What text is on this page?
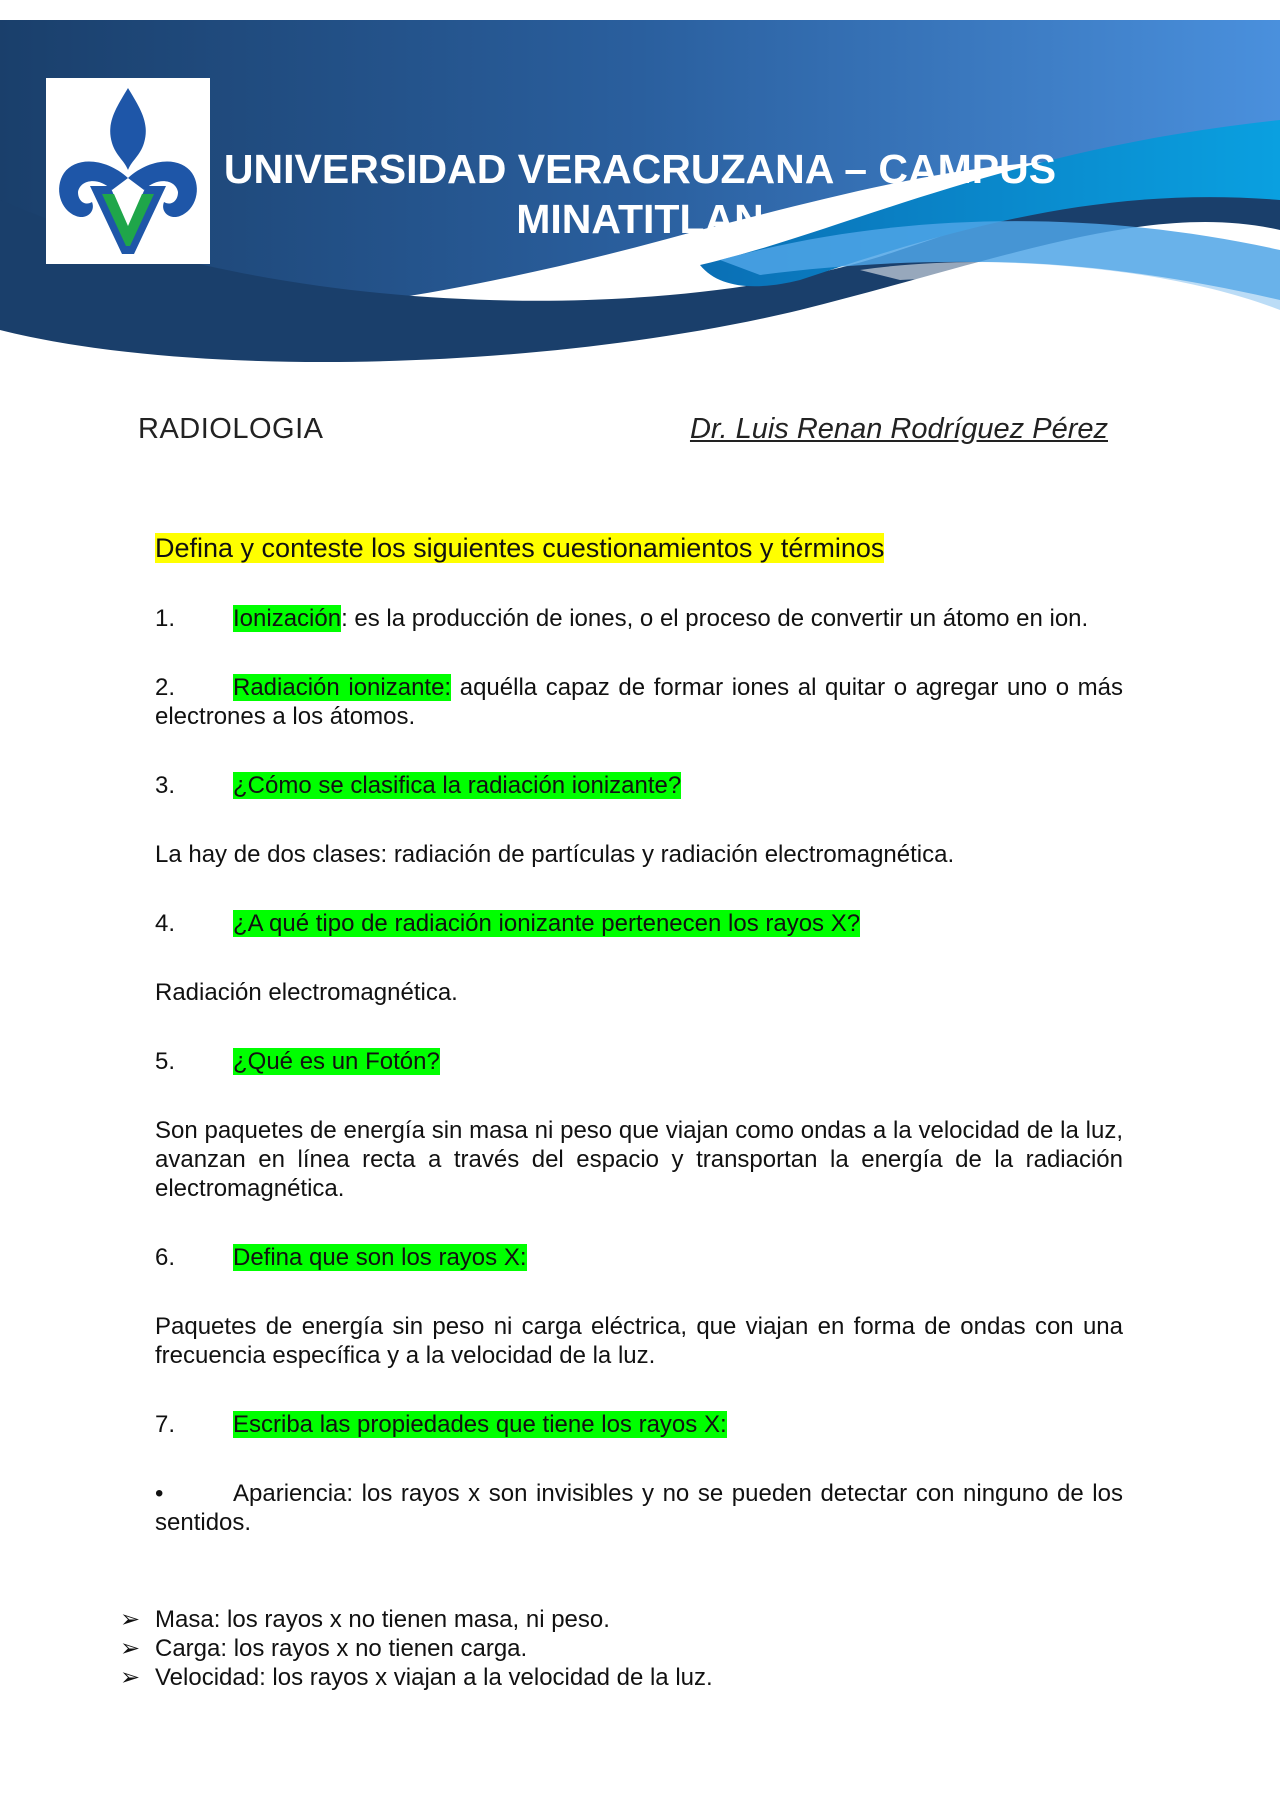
UNIVERSIDAD VERACRUZANA – CAMPUS
MINATITLAN
RADIOLOGIA	Dr. Luis Renan Rodríguez Pérez
Defina y conteste los siguientes cuestionamientos y términos

1. Ionización: es la producción de iones, o el proceso de convertir un átomo en ion.

2. Radiación ionizante: aquélla capaz de formar iones al quitar o agregar uno o más electrones a los átomos.

3. ¿Cómo se clasifica la radiación ionizante?

La hay de dos clases: radiación de partículas y radiación electromagnética.

4. ¿A qué tipo de radiación ionizante pertenecen los rayos X?

Radiación electromagnética.

5. ¿Qué es un Fotón?

Son paquetes de energía sin masa ni peso que viajan como ondas a la velocidad de la luz, avanzan en línea recta a través del espacio y transportan la energía de la radiación electromagnética.

6. Defina que son los rayos X:

Paquetes de energía sin peso ni carga eléctrica, que viajan en forma de ondas con una frecuencia específica y a la velocidad de la luz.

7. Escriba las propiedades que tiene los rayos X:

•	Apariencia: los rayos x son invisibles y no se pueden detectar con ninguno de los sentidos.

➢ Masa: los rayos x no tienen masa, ni peso.
➢ Carga: los rayos x no tienen carga.
➢ Velocidad: los rayos x viajan a la velocidad de la luz.
